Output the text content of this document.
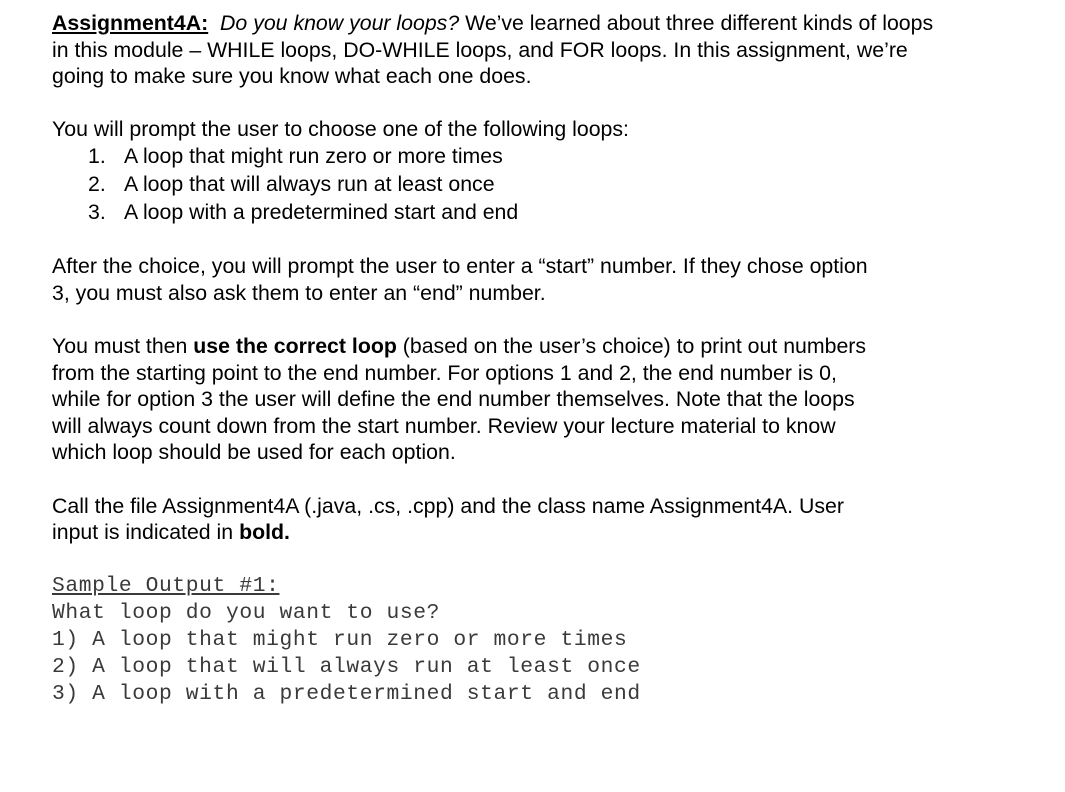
Assignment4A: Do you know your loops? We’ve learned about three different kinds of loops
in this module – WHILE loops, DO-WHILE loops, and FOR loops. In this assignment, we’re
going to make sure you know what each one does.

You will prompt the user to choose one of the following loops:

1. A loop that might run zero or more times
2. A loop that will always run at least once
3. A loop with a predetermined start and end

After the choice, you will prompt the user to enter a “start” number. If they chose option
3, you must also ask them to enter an “end” number.

You must then use the correct loop (based on the user’s choice) to print out numbers
from the starting point to the end number. For options 1 and 2, the end number is 0,
while for option 3 the user will define the end number themselves. Note that the loops
will always count down from the start number. Review your lecture material to know
which loop should be used for each option.

Call the file Assignment4A (.java, .cs, .cpp) and the class name Assignment4A. User
input is indicated in bold.

Sample Output #1:

What loop do you want to use?

1) A loop that might run zero or more times

2) A loop that will always run at least once

3) A loop with a predetermined start and end
